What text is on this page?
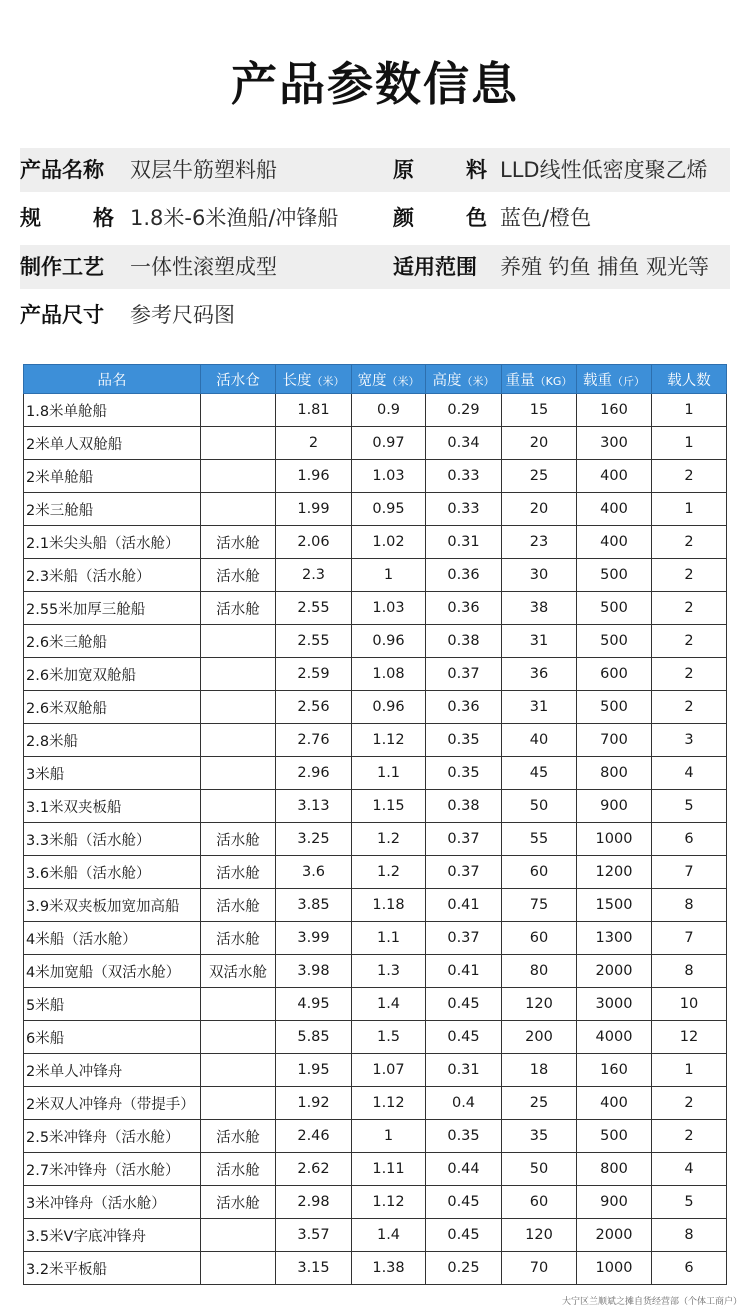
产品参数信息
产品名称 双层牛筋塑料船	原 料 LLD线性低密度聚乙烯
规 格 1.8米-6米渔船/冲锋船	颜 色 蓝色/橙色
制作工艺 一体性滚塑成型	适用范围 养殖 钓鱼 捕鱼 观光等
产品尺寸 参考尺码图
品名	活水仓	长度（米）	宽度（米）	高度（米）	重量（KG）	载重（斤）	载人数
1.8米单舱船		1.81	0.9	0.29	15	160	1
2米单人双舱船		2	0.97	0.34	20	300	1
2米单舱船		1.96	1.03	0.33	25	400	2
2米三舱船		1.99	0.95	0.33	20	400	1
2.1米尖头船（活水舱）	活水舱	2.06	1.02	0.31	23	400	2
2.3米船（活水舱）	活水舱	2.3	1	0.36	30	500	2
2.55米加厚三舱船	活水舱	2.55	1.03	0.36	38	500	2
2.6米三舱船		2.55	0.96	0.38	31	500	2
2.6米加宽双舱船		2.59	1.08	0.37	36	600	2
2.6米双舱船		2.56	0.96	0.36	31	500	2
2.8米船		2.76	1.12	0.35	40	700	3
3米船		2.96	1.1	0.35	45	800	4
3.1米双夹板船		3.13	1.15	0.38	50	900	5
3.3米船（活水舱）	活水舱	3.25	1.2	0.37	55	1000	6
3.6米船（活水舱）	活水舱	3.6	1.2	0.37	60	1200	7
3.9米双夹板加宽加高船	活水舱	3.85	1.18	0.41	75	1500	8
4米船（活水舱）	活水舱	3.99	1.1	0.37	60	1300	7
4米加宽船（双活水舱）	双活水舱	3.98	1.3	0.41	80	2000	8
5米船		4.95	1.4	0.45	120	3000	10
6米船		5.85	1.5	0.45	200	4000	12
2米单人冲锋舟		1.95	1.07	0.31	18	160	1
2米双人冲锋舟（带提手）		1.92	1.12	0.4	25	400	2
2.5米冲锋舟（活水舱）	活水舱	2.46	1	0.35	35	500	2
2.7米冲锋舟（活水舱）	活水舱	2.62	1.11	0.44	50	800	4
3米冲锋舟（活水舱）	活水舱	2.98	1.12	0.45	60	900	5
3.5米V字底冲锋舟		3.57	1.4	0.45	120	2000	8
3.2米平板船		3.15	1.38	0.25	70	1000	6
大宁区兰顺斌之摊自货经营部（个体工商户）
